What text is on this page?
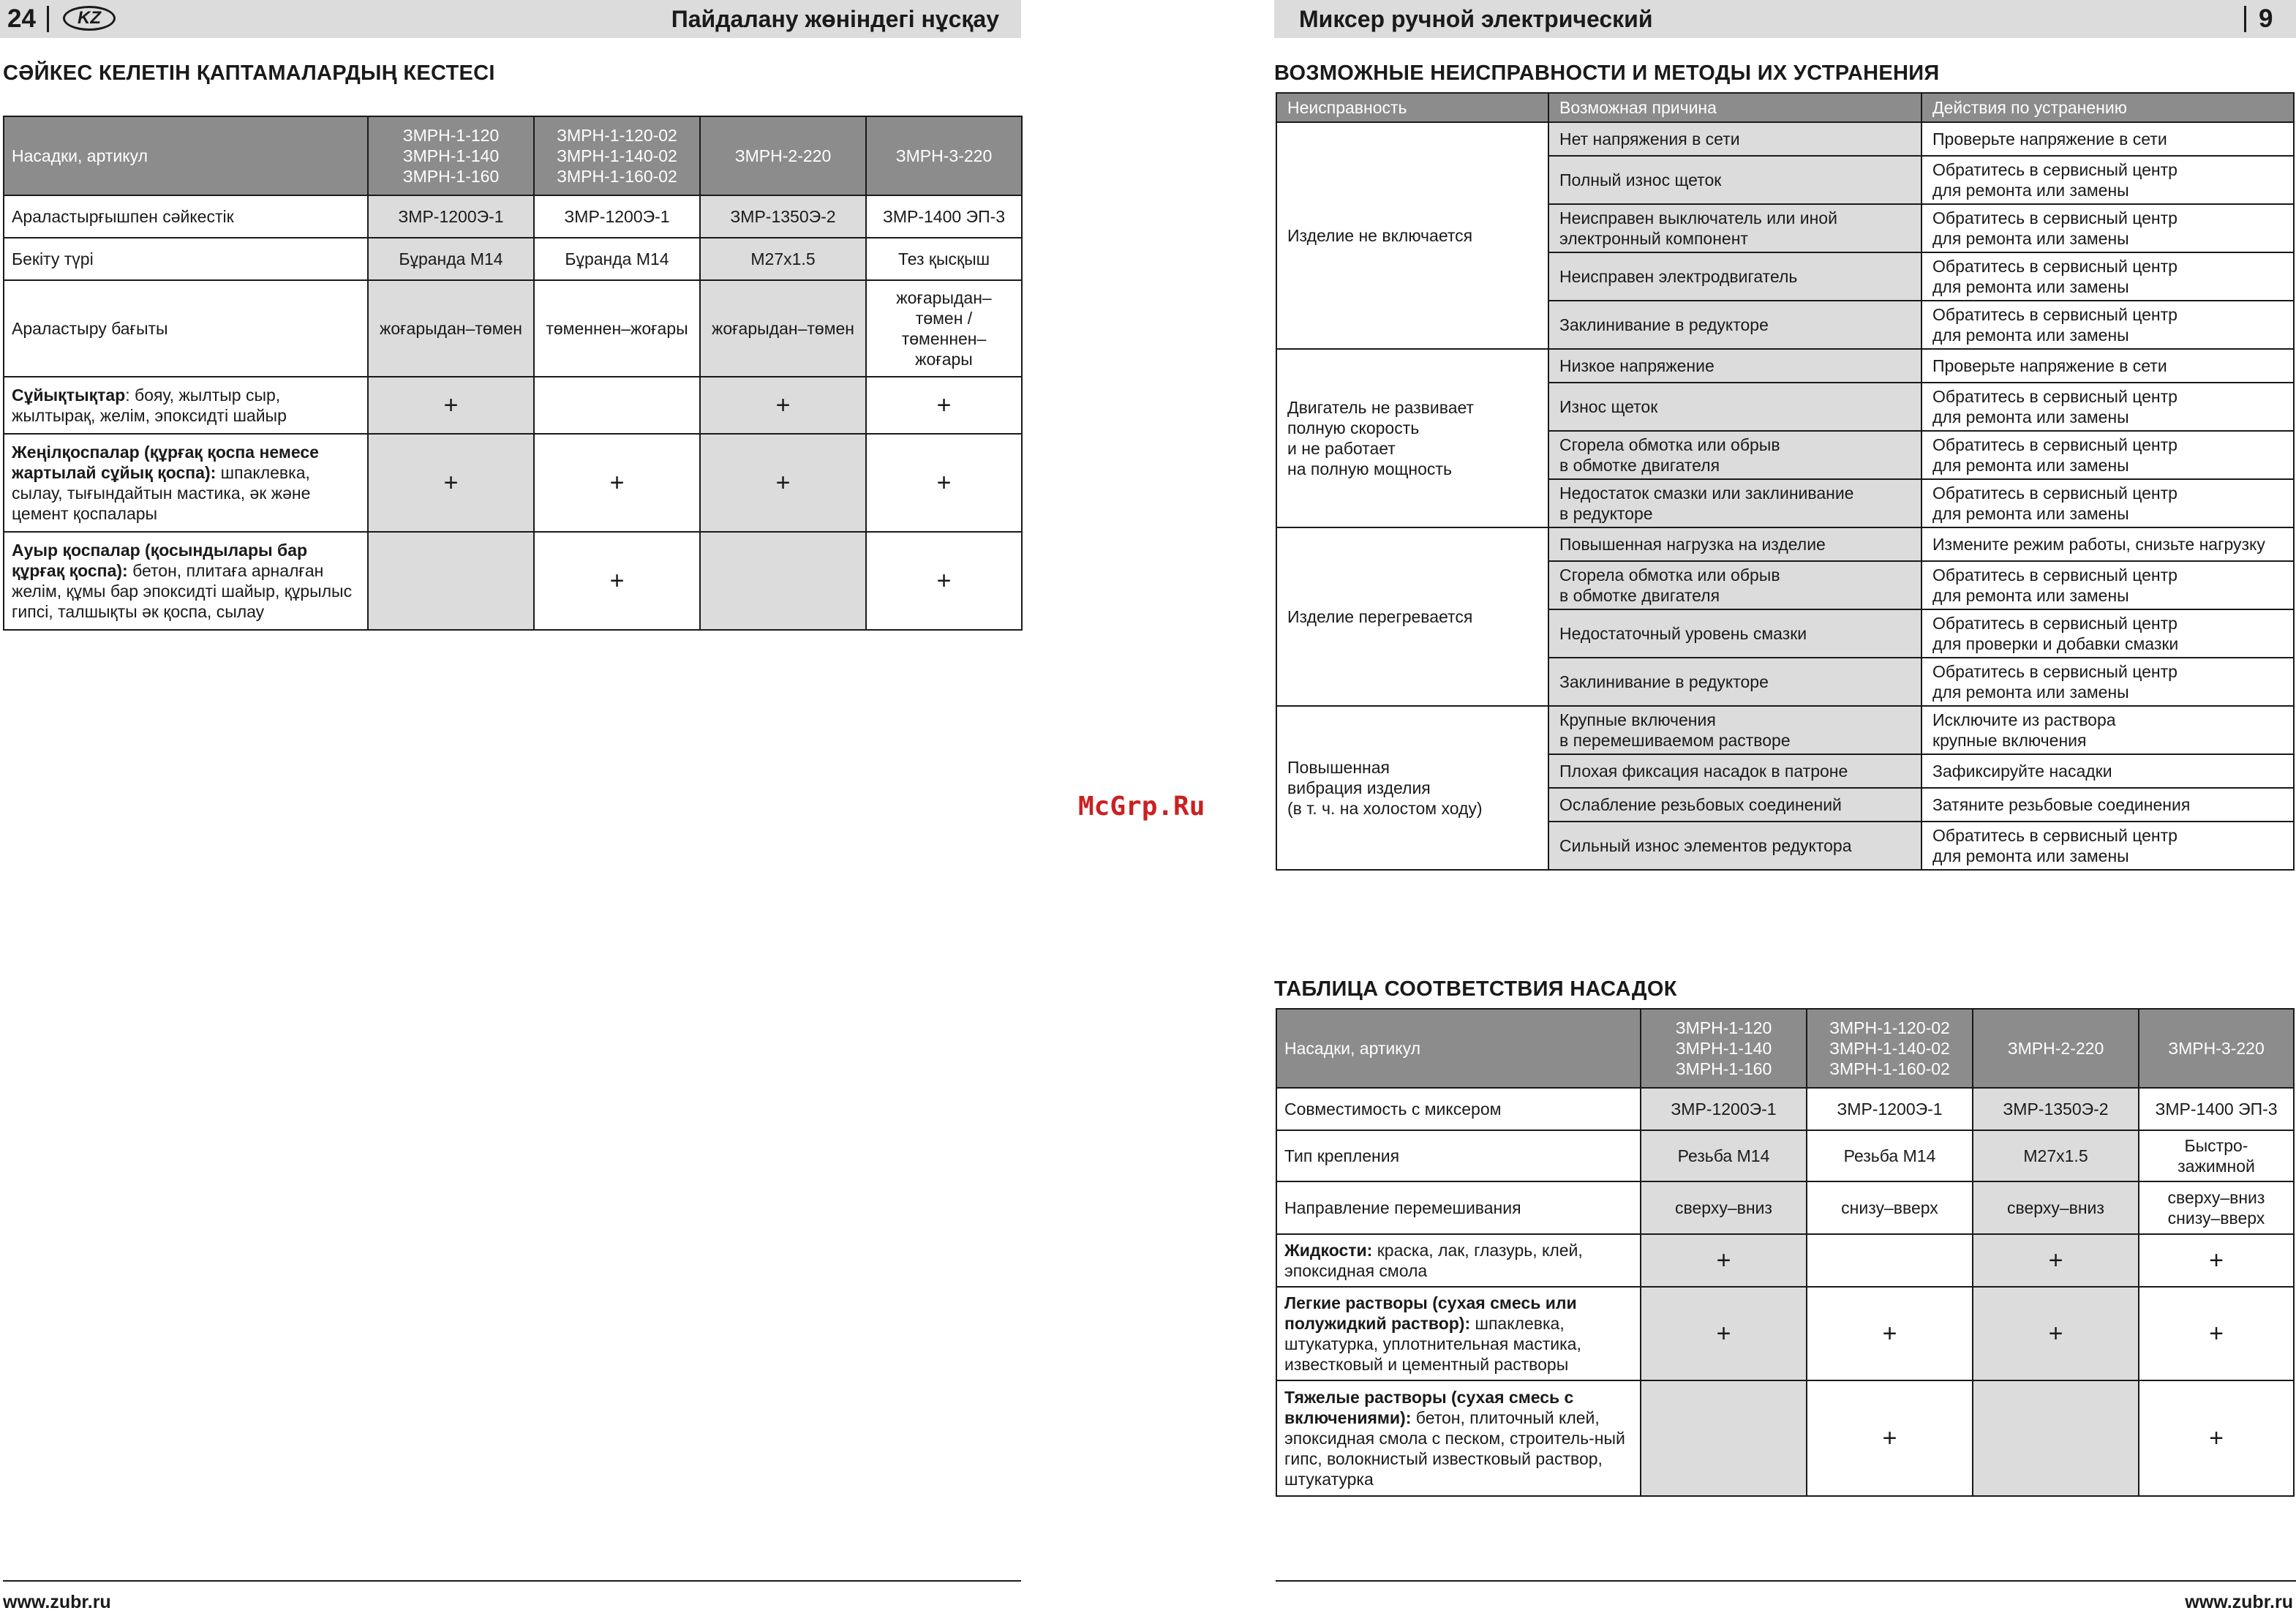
24	KZ	Пайдалану жөніндегі нұсқау
СӘЙКЕС КЕЛЕТІН ҚАПТАМАЛАРДЫҢ КЕСТЕСІ
Насадки, артикул	ЗМРН-1-120
ЗМРН-1-140
ЗМРН-1-160	ЗМРН-1-120-02
ЗМРН-1-140-02
ЗМРН-1-160-02	ЗМРН-2-220	ЗМРН-3-220
Араластырғышпен сәйкестік	ЗМР-1200Э-1	ЗМР-1200Э-1	ЗМР-1350Э-2	ЗМР-1400 ЭП-3
Бекіту түрі	Бұранда М14	Бұранда М14	М27х1.5	Тез қысқыш
Араластыру бағыты	жоғарыдан–төмен	төменнен–жоғары	жоғарыдан–төмен	жоғарыдан–
төмен /
төменнен–
жоғары
Сұйықтықтар: бояу, жылтыр сыр, жылтырақ, желім, эпоксидті шайыр	+		+	+
Жеңілқоспалар (құрғақ қоспа немесе жартылай сұйық қоспа): шпаклевка, сылау, тығындайтын мастика, әк және цемент қоспалары	+	+	+	+
Ауыр қоспалар (қосындылары бар құрғақ қоспа): бетон, плитаға арналған желім, құмы бар эпоксидті шайыр, құрылыс гипсі, талшықты әк қоспа, сылау		+		+
www.zubr.ru
Миксер ручной электрический	9
ВОЗМОЖНЫЕ НЕИСПРАВНОСТИ И МЕТОДЫ ИХ УСТРАНЕНИЯ
Неисправность	Возможная причина	Действия по устранению
Изделие не включается	Нет напряжения в сети	Проверьте напряжение в сети
	Полный износ щеток	Обратитесь в сервисный центр
для ремонта или замены
	Неисправен выключатель или иной
электронный компонент	Обратитесь в сервисный центр
для ремонта или замены
	Неисправен электродвигатель	Обратитесь в сервисный центр
для ремонта или замены
	Заклинивание в редукторе	Обратитесь в сервисный центр
для ремонта или замены
Двигатель не развивает
полную скорость
и не работает
на полную мощность	Низкое напряжение	Проверьте напряжение в сети
	Износ щеток	Обратитесь в сервисный центр
для ремонта или замены
	Сгорела обмотка или обрыв
в обмотке двигателя	Обратитесь в сервисный центр
для ремонта или замены
	Недостаток смазки или заклинивание
в редукторе	Обратитесь в сервисный центр
для ремонта или замены
Изделие перегревается	Повышенная нагрузка на изделие	Измените режим работы, снизьте нагрузку
	Сгорела обмотка или обрыв
в обмотке двигателя	Обратитесь в сервисный центр
для ремонта или замены
	Недостаточный уровень смазки	Обратитесь в сервисный центр
для проверки и добавки смазки
	Заклинивание в редукторе	Обратитесь в сервисный центр
для ремонта или замены
Повышенная
вибрация изделия
(в т. ч. на холостом ходу)	Крупные включения
в перемешиваемом растворе	Исключите из раствора
крупные включения
	Плохая фиксация насадок в патроне	Зафиксируйте насадки
	Ослабление резьбовых соединений	Затяните резьбовые соединения
	Сильный износ элементов редуктора	Обратитесь в сервисный центр
для ремонта или замены
ТАБЛИЦА СООТВЕТСТВИЯ НАСАДОК
Насадки, артикул	ЗМРН-1-120
ЗМРН-1-140
ЗМРН-1-160	ЗМРН-1-120-02
ЗМРН-1-140-02
ЗМРН-1-160-02	ЗМРН-2-220	ЗМРН-3-220
Совместимость с миксером	ЗМР-1200Э-1	ЗМР-1200Э-1	ЗМР-1350Э-2	ЗМР-1400 ЭП-3
Тип крепления	Резьба М14	Резьба М14	М27х1.5	Быстро-
зажимной
Направление перемешивания	сверху–вниз	снизу–вверх	сверху–вниз	сверху–вниз
снизу–вверх
Жидкости: краска, лак, глазурь, клей, эпоксидная смола	+		+	+
Легкие растворы (сухая смесь или полужидкий раствор): шпаклевка, штукатурка, уплотнительная мастика, известковый и цементный растворы	+	+	+	+
Тяжелые растворы (сухая смесь с включениями): бетон, плиточный клей, эпоксидная смола с песком, строитель-ный гипс, волокнистый известковый раствор, штукатурка		+		+
www.zubr.ru
McGrp.Ru
